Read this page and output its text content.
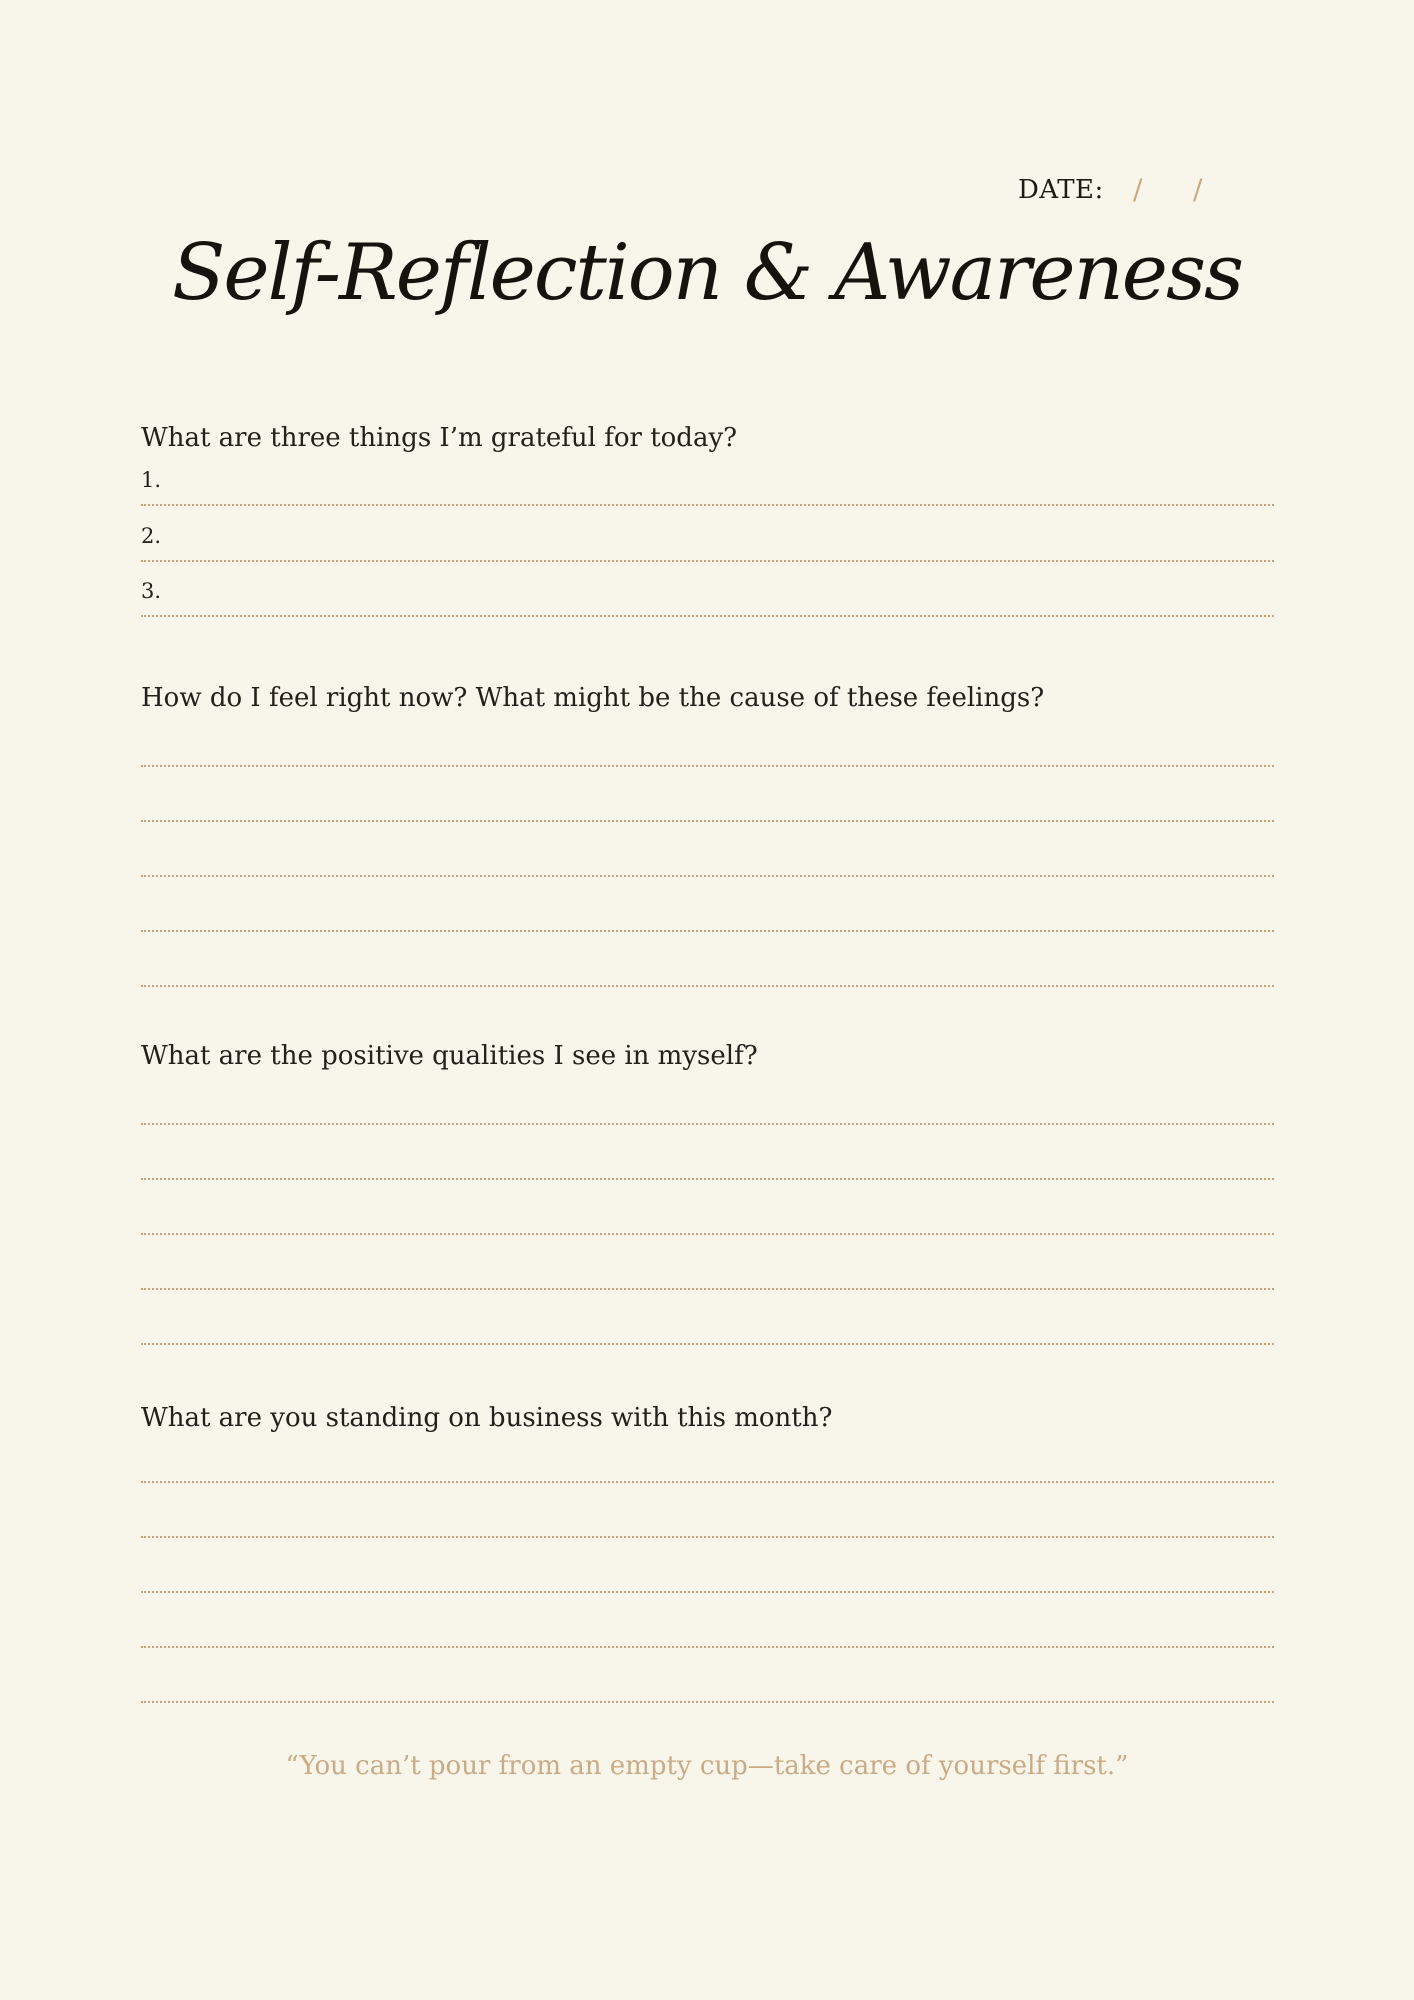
DATE: / /
Self-Reflection & Awareness
What are three things I’m grateful for today?
1.
2.
3.
How do I feel right now? What might be the cause of these feelings?
What are the positive qualities I see in myself?
What are you standing on business with this month?
“You can’t pour from an empty cup—take care of yourself first.”
